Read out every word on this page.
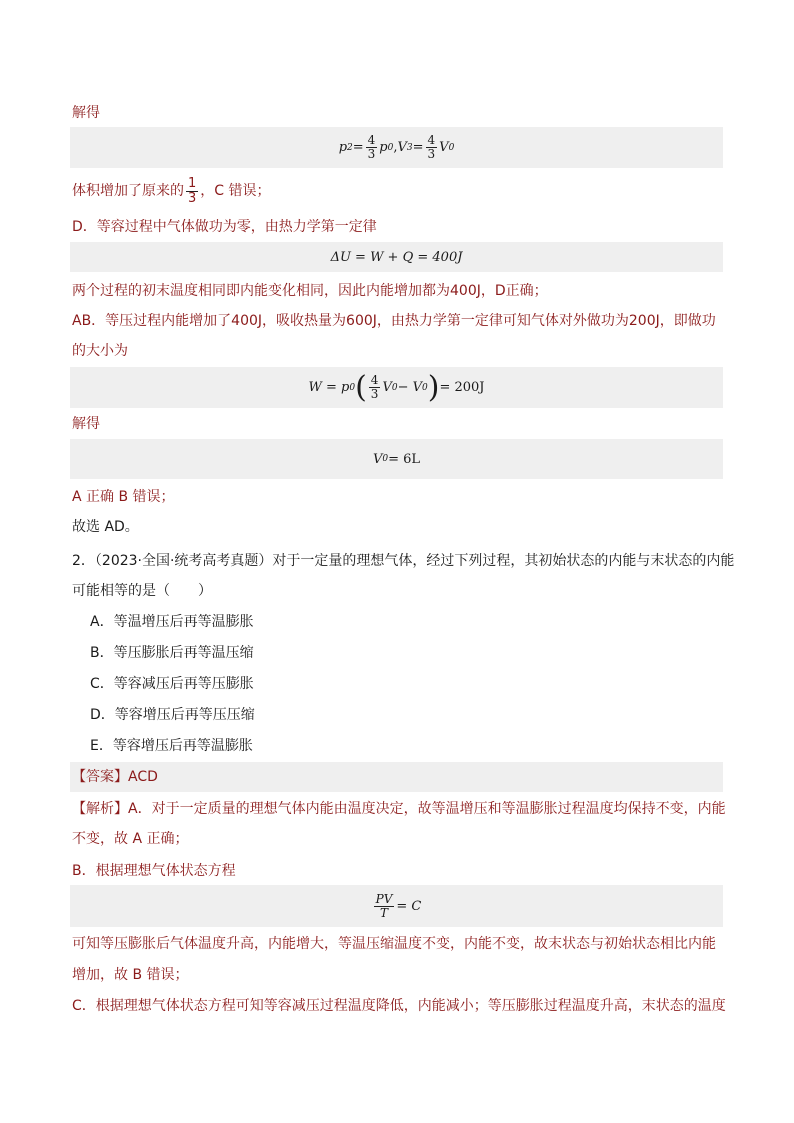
解得
p $2 = \frac{4}{3}$ p 0 , V $3 = \frac{4}{3}$ V 0
体积增加了原来的 $\frac{1}{3}$ ，C 错误；
D．等容过程中气体做功为零，由热力学第一定律
ΔU = W + Q = 400J
两个过程的初末温度相同即内能变化相同，因此内能增加都为400J，D正确；
AB．等压过程内能增加了400J，吸收热量为600J，由热力学第一定律可知气体对外做功为200J，即做功
的大小为
W = p 0 ( $\frac{4}{3}$ V 0 − V 0 ) = 200J
解得
V 0 = 6L
A 正确 B 错误；
故选 AD。
2．（2023·全国·统考高考真题）对于一定量的理想气体，经过下列过程，其初始状态的内能与末状态的内能
可能相等的是（　　）
A．等温增压后再等温膨胀
B．等压膨胀后再等温压缩
C．等容减压后再等压膨胀
D．等容增压后再等压压缩
E．等容增压后再等温膨胀
【答案】ACD
【解析】A．对于一定质量的理想气体内能由温度决定，故等温增压和等温膨胀过程温度均保持不变，内能
不变，故 A 正确；
B．根据理想气体状态方程
$\frac{PV}{T} = C$
可知等压膨胀后气体温度升高，内能增大，等温压缩温度不变，内能不变，故末状态与初始状态相比内能
增加，故 B 错误；
C．根据理想气体状态方程可知等容减压过程温度降低，内能减小；等压膨胀过程温度升高，末状态的温度
